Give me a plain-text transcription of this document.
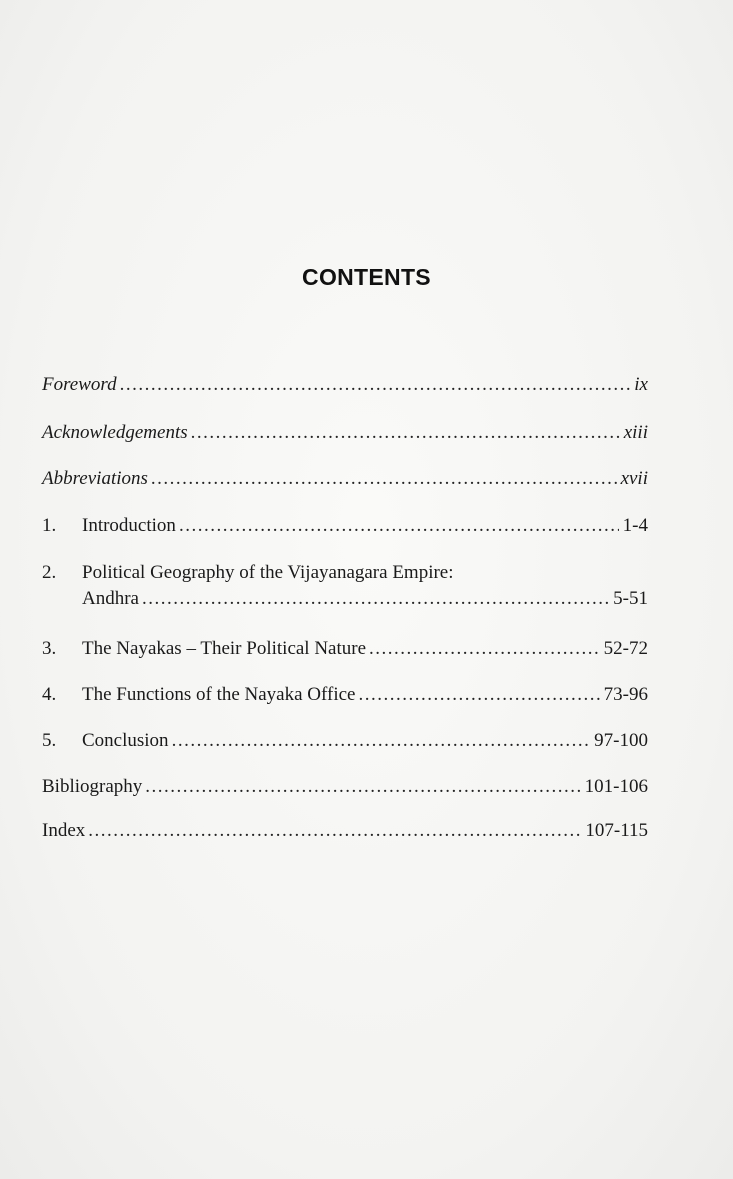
CONTENTS
Foreword .....	ix
Acknowledgements .....	xiii
Abbreviations .....	xvii
1.	Introduction .....	1-4
2.	Political Geography of the Vijayanagara Empire:
Andhra .....	5-51
3.	The Nayakas – Their Political Nature .....	52-72
4.	The Functions of the Nayaka Office .....	73-96
5.	Conclusion .....	97-100
Bibliography .....	101-106
Index .....	107-115
